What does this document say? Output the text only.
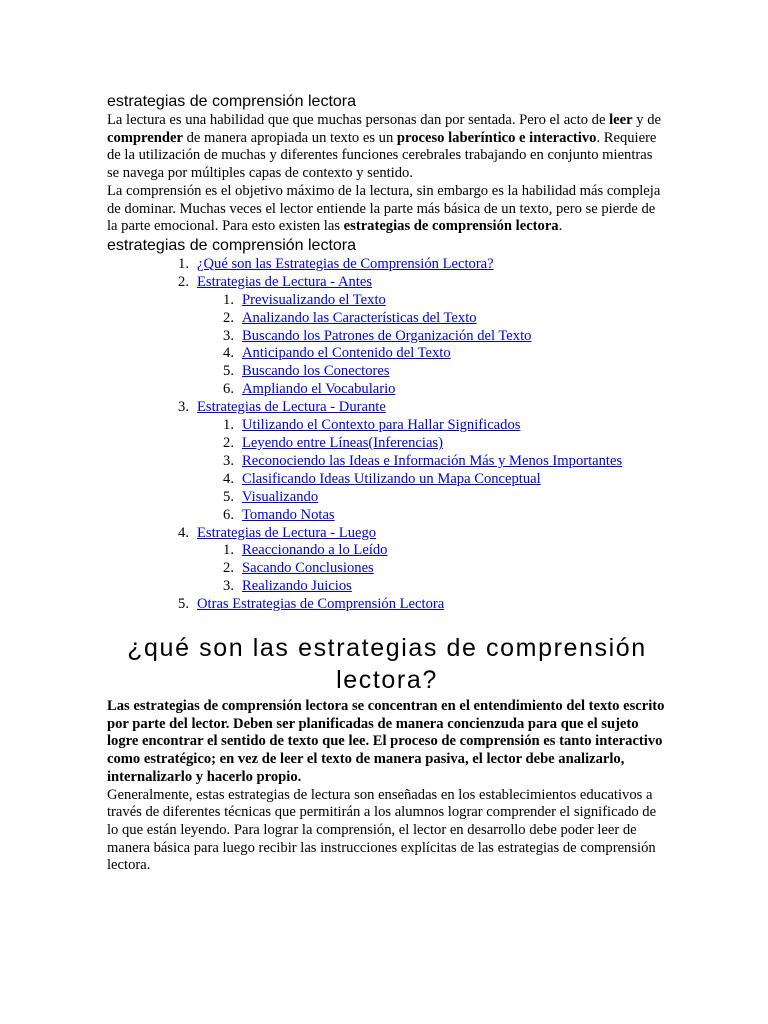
estrategias de comprensión lectora

La lectura es una habilidad que que muchas personas dan por sentada. Pero el acto de leer y de comprender de manera apropiada un texto es un proceso laberíntico e interactivo. Requiere de la utilización de muchas y diferentes funciones cerebrales trabajando en conjunto mientras se navega por múltiples capas de contexto y sentido.

La comprensión es el objetivo máximo de la lectura, sin embargo es la habilidad más compleja de dominar. Muchas veces el lector entiende la parte más básica de un texto, pero se pierde de la parte emocional. Para esto existen las estrategias de comprensión lectora.

estrategias de comprensión lectora
1. ¿Qué son las Estrategias de Comprensión Lectora?
2. Estrategias de Lectura - Antes
1. Previsualizando el Texto
2. Analizando las Características del Texto
3. Buscando los Patrones de Organización del Texto
4. Anticipando el Contenido del Texto
5. Buscando los Conectores
6. Ampliando el Vocabulario
3. Estrategias de Lectura - Durante
1. Utilizando el Contexto para Hallar Significados
2. Leyendo entre Líneas(Inferencias)
3. Reconociendo las Ideas e Información Más y Menos Importantes
4. Clasificando Ideas Utilizando un Mapa Conceptual
5. Visualizando
6. Tomando Notas
4. Estrategias de Lectura - Luego
1. Reaccionando a lo Leído
2. Sacando Conclusiones
3. Realizando Juicios
5. Otras Estrategias de Comprensión Lectora
¿qué son las estrategias de comprensión lectora?

Las estrategias de comprensión lectora se concentran en el entendimiento del texto escrito por parte del lector. Deben ser planificadas de manera concienzuda para que el sujeto logre encontrar el sentido de texto que lee. El proceso de comprensión es tanto interactivo como estratégico; en vez de leer el texto de manera pasiva, el lector debe analizarlo, internalizarlo y hacerlo propio.

Generalmente, estas estrategias de lectura son enseñadas en los establecimientos educativos a través de diferentes técnicas que permitirán a los alumnos lograr comprender el significado de lo que están leyendo. Para lograr la comprensión, el lector en desarrollo debe poder leer de manera básica para luego recibir las instrucciones explícitas de las estrategias de comprensión lectora.
